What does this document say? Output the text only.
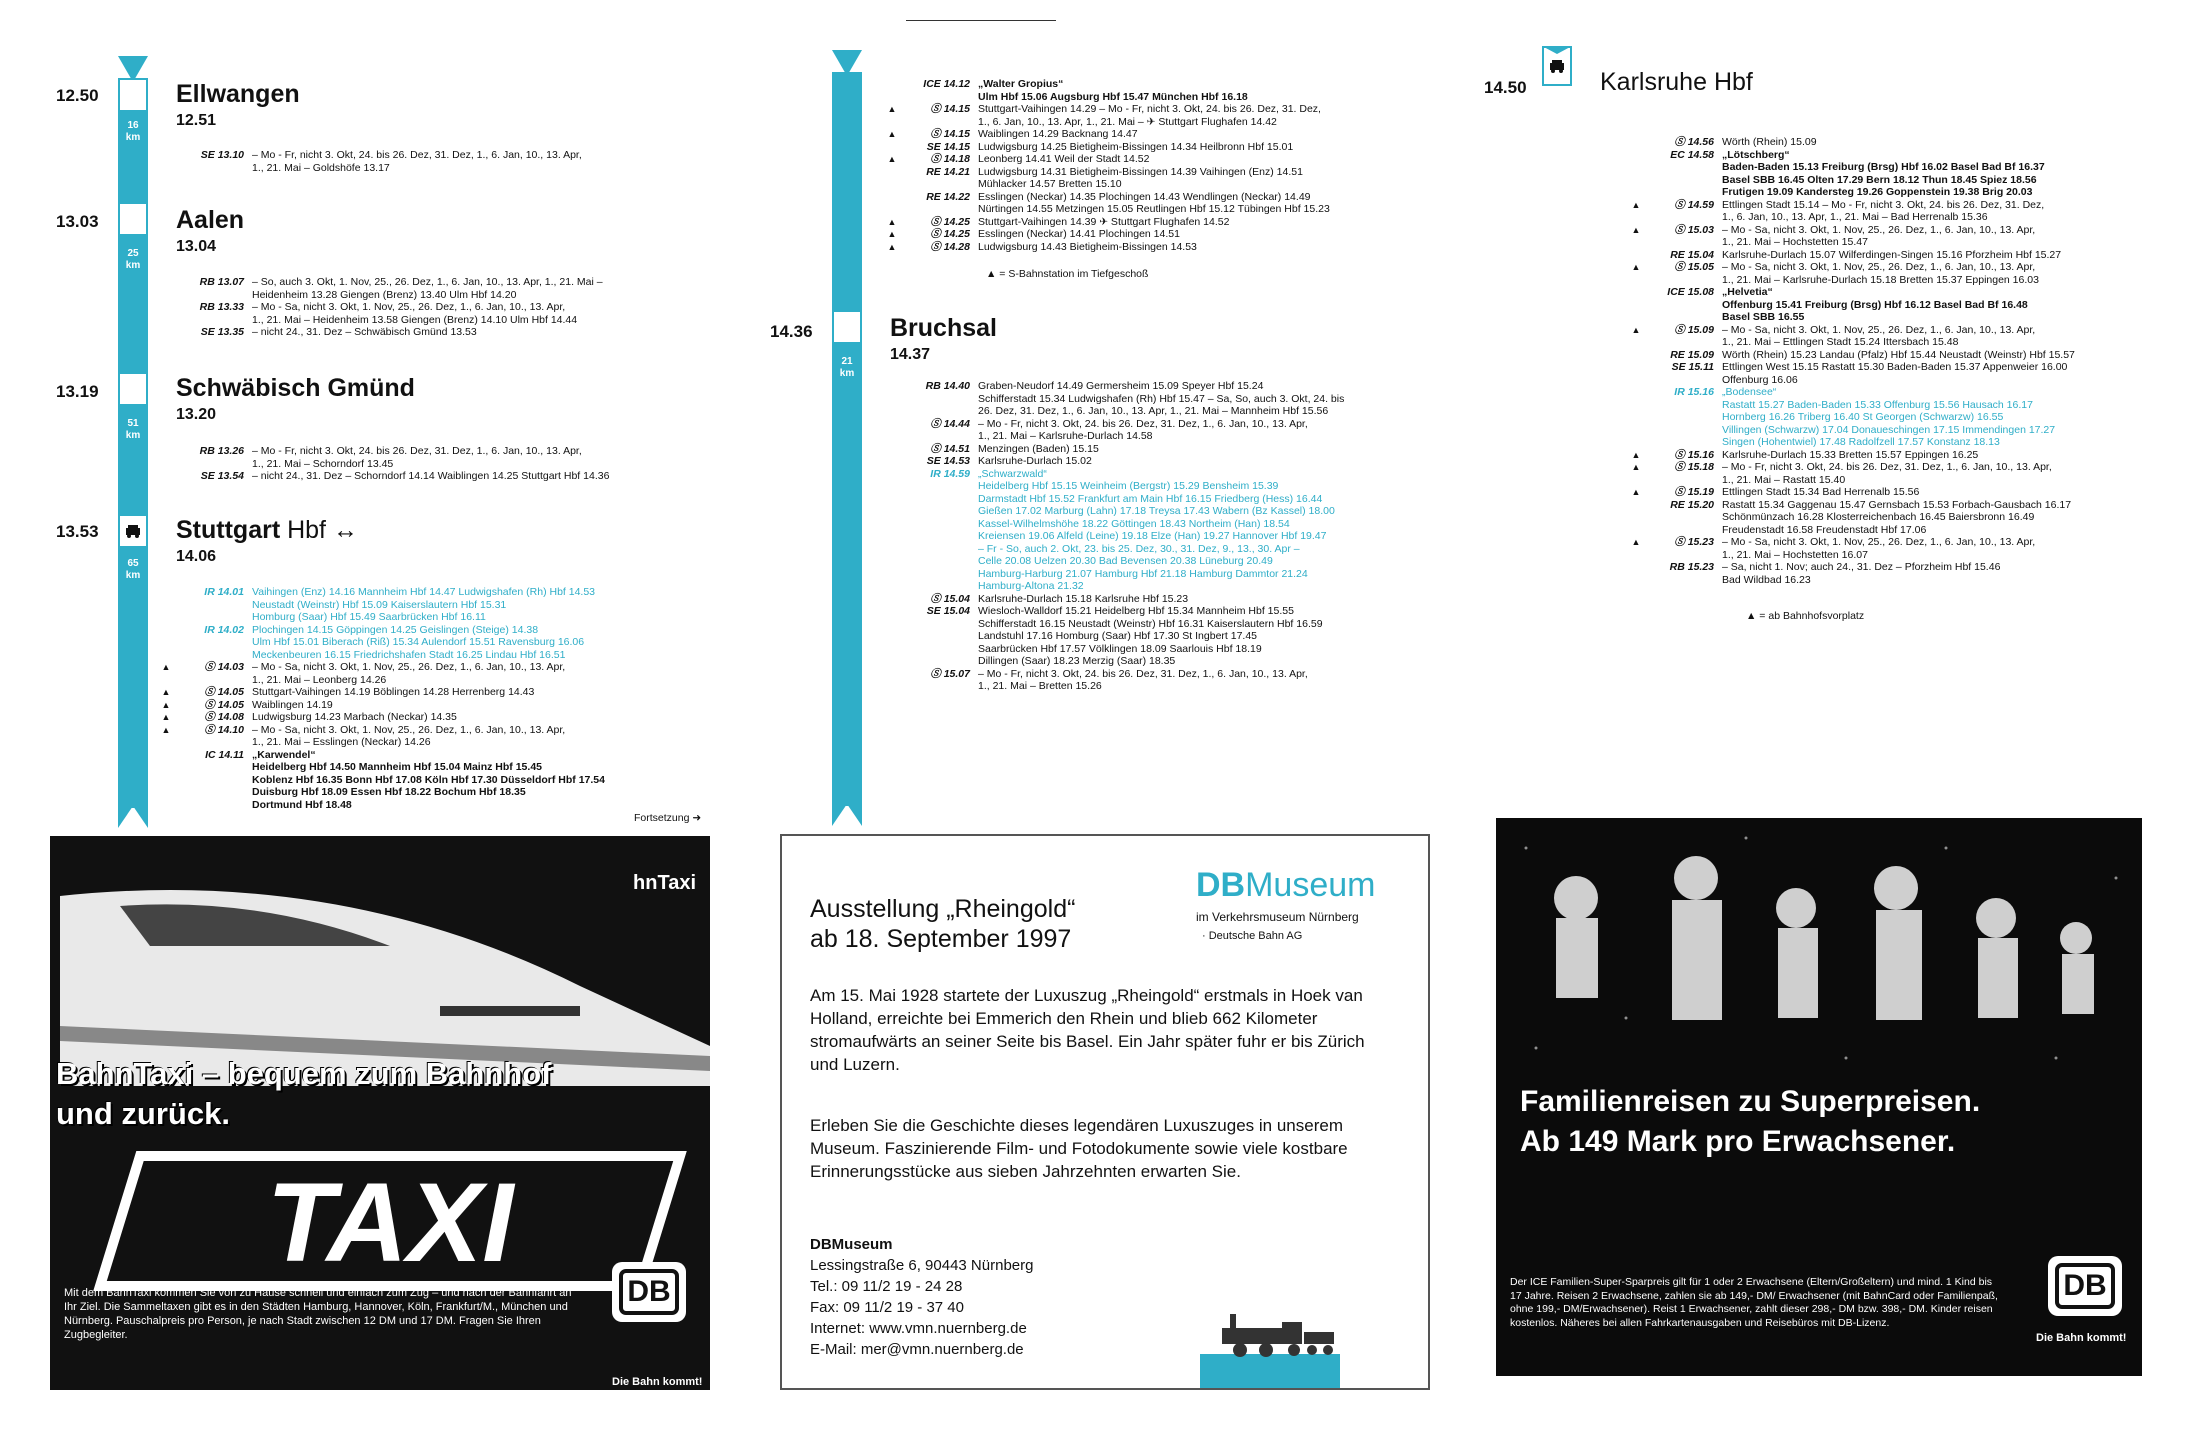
12.50	Ellwangen
12.51
16
km
SE 13.10 – Mo - Fr, nicht 3. Okt, 24. bis 26. Dez, 31. Dez, 1., 6. Jan, 10., 13. Apr,
1., 21. Mai – Goldshöfe 13.17
13.03	Aalen
13.04
25
km
RB 13.07 – So, auch 3. Okt, 1. Nov, 25., 26. Dez, 1., 6. Jan, 10., 13. Apr, 1., 21. Mai –
Heidenheim 13.28 Giengen (Brenz) 13.40 Ulm Hbf 14.20
RB 13.33 – Mo - Sa, nicht 3. Okt, 1. Nov, 25., 26. Dez, 1., 6. Jan, 10., 13. Apr,
1., 21. Mai – Heidenheim 13.58 Giengen (Brenz) 14.10 Ulm Hbf 14.44
SE 13.35 – nicht 24., 31. Dez – Schwäbisch Gmünd 13.53
13.19	Schwäbisch Gmünd
13.20
51
km
RB 13.26 – Mo - Fr, nicht 3. Okt, 24. bis 26. Dez, 31. Dez, 1., 6. Jan, 10., 13. Apr,
1., 21. Mai – Schorndorf 13.45
SE 13.54 – nicht 24., 31. Dez – Schorndorf 14.14 Waiblingen 14.25 Stuttgart Hbf 14.36
13.53	Stuttgart Hbf ↔
14.06
65
km
IR 14.01 Vaihingen (Enz) 14.16 Mannheim Hbf 14.47 Ludwigshafen (Rh) Hbf 14.53
Neustadt (Weinstr) Hbf 15.09 Kaiserslautern Hbf 15.31
Homburg (Saar) Hbf 15.49 Saarbrücken Hbf 16.11
IR 14.02 Plochingen 14.15 Göppingen 14.25 Geislingen (Steige) 14.38
Ulm Hbf 15.01 Biberach (Riß) 15.34 Aulendorf 15.51 Ravensburg 16.06
Meckenbeuren 16.15 Friedrichshafen Stadt 16.25 Lindau Hbf 16.51
▲	Ⓢ 14.03 – Mo - Sa, nicht 3. Okt, 1. Nov, 25., 26. Dez, 1., 6. Jan, 10., 13. Apr,
1., 21. Mai – Leonberg 14.26
▲	Ⓢ 14.05 Stuttgart-Vaihingen 14.19 Böblingen 14.28 Herrenberg 14.43
▲	Ⓢ 14.05 Waiblingen 14.19
▲	Ⓢ 14.08 Ludwigsburg 14.23 Marbach (Neckar) 14.35
▲	Ⓢ 14.10 – Mo - Sa, nicht 3. Okt, 1. Nov, 25., 26. Dez, 1., 6. Jan, 10., 13. Apr,
1., 21. Mai – Esslingen (Neckar) 14.26
IC 14.11 „Karwendel“
Heidelberg Hbf 14.50 Mannheim Hbf 15.04 Mainz Hbf 15.45
Koblenz Hbf 16.35 Bonn Hbf 17.08 Köln Hbf 17.30 Düsseldorf Hbf 17.54
Duisburg Hbf 18.09 Essen Hbf 18.22 Bochum Hbf 18.35
Dortmund Hbf 18.48
Fortsetzung ➜
ICE 14.12 „Walter Gropius“
Ulm Hbf 15.06 Augsburg Hbf 15.47 München Hbf 16.18
▲	Ⓢ 14.15 Stuttgart-Vaihingen 14.29 – Mo - Fr, nicht 3. Okt, 24. bis 26. Dez, 31. Dez,
1., 6. Jan, 10., 13. Apr, 1., 21. Mai – ✈ Stuttgart Flughafen 14.42
▲	Ⓢ 14.15 Waiblingen 14.29 Backnang 14.47
SE 14.15 Ludwigsburg 14.25 Bietigheim-Bissingen 14.34 Heilbronn Hbf 15.01
▲	Ⓢ 14.18 Leonberg 14.41 Weil der Stadt 14.52
RE 14.21 Ludwigsburg 14.31 Bietigheim-Bissingen 14.39 Vaihingen (Enz) 14.51
Mühlacker 14.57 Bretten 15.10
RE 14.22 Esslingen (Neckar) 14.35 Plochingen 14.43 Wendlingen (Neckar) 14.49
Nürtingen 14.55 Metzingen 15.05 Reutlingen Hbf 15.12 Tübingen Hbf 15.23
▲	Ⓢ 14.25 Stuttgart-Vaihingen 14.39 ✈ Stuttgart Flughafen 14.52
▲	Ⓢ 14.25 Esslingen (Neckar) 14.41 Plochingen 14.51
▲	Ⓢ 14.28 Ludwigsburg 14.43 Bietigheim-Bissingen 14.53
▲ = S-Bahnstation im Tiefgeschoß
14.36	Bruchsal
14.37
21
km
RB 14.40 Graben-Neudorf 14.49 Germersheim 15.09 Speyer Hbf 15.24
Schifferstadt 15.34 Ludwigshafen (Rh) Hbf 15.47 – Sa, So, auch 3. Okt, 24. bis
26. Dez, 31. Dez, 1., 6. Jan, 10., 13. Apr, 1., 21. Mai – Mannheim Hbf 15.56
Ⓢ 14.44 – Mo - Fr, nicht 3. Okt, 24. bis 26. Dez, 31. Dez, 1., 6. Jan, 10., 13. Apr,
1., 21. Mai – Karlsruhe-Durlach 14.58
Ⓢ 14.51 Menzingen (Baden) 15.15
SE 14.53 Karlsruhe-Durlach 15.02
IR 14.59 „Schwarzwald“
Heidelberg Hbf 15.15 Weinheim (Bergstr) 15.29 Bensheim 15.39
Darmstadt Hbf 15.52 Frankfurt am Main Hbf 16.15 Friedberg (Hess) 16.44
Gießen 17.02 Marburg (Lahn) 17.18 Treysa 17.43 Wabern (Bz Kassel) 18.00
Kassel-Wilhelmshöhe 18.22 Göttingen 18.43 Northeim (Han) 18.54
Kreiensen 19.06 Alfeld (Leine) 19.18 Elze (Han) 19.27 Hannover Hbf 19.47
– Fr - So, auch 2. Okt, 23. bis 25. Dez, 30., 31. Dez, 9., 13., 30. Apr –
Celle 20.08 Uelzen 20.30 Bad Bevensen 20.38 Lüneburg 20.49
Hamburg-Harburg 21.07 Hamburg Hbf 21.18 Hamburg Dammtor 21.24
Hamburg-Altona 21.32
Ⓢ 15.04 Karlsruhe-Durlach 15.18 Karlsruhe Hbf 15.23
SE 15.04 Wiesloch-Walldorf 15.21 Heidelberg Hbf 15.34 Mannheim Hbf 15.55
Schifferstadt 16.15 Neustadt (Weinstr) Hbf 16.31 Kaiserslautern Hbf 16.59
Landstuhl 17.16 Homburg (Saar) Hbf 17.30 St Ingbert 17.45
Saarbrücken Hbf 17.57 Völklingen 18.09 Saarlouis Hbf 18.19
Dillingen (Saar) 18.23 Merzig (Saar) 18.35
Ⓢ 15.07 – Mo - Fr, nicht 3. Okt, 24. bis 26. Dez, 31. Dez, 1., 6. Jan, 10., 13. Apr,
1., 21. Mai – Bretten 15.26
14.50	Karlsruhe Hbf
Ⓢ 14.56 Wörth (Rhein) 15.09
EC 14.58 „Lötschberg“
Baden-Baden 15.13 Freiburg (Brsg) Hbf 16.02 Basel Bad Bf 16.37
Basel SBB 16.45 Olten 17.29 Bern 18.12 Thun 18.45 Spiez 18.56
Frutigen 19.09 Kandersteg 19.26 Goppenstein 19.38 Brig 20.03
▲	Ⓢ 14.59 Ettlingen Stadt 15.14 – Mo - Fr, nicht 3. Okt, 24. bis 26. Dez, 31. Dez,
1., 6. Jan, 10., 13. Apr, 1., 21. Mai – Bad Herrenalb 15.36
▲	Ⓢ 15.03 – Mo - Sa, nicht 3. Okt, 1. Nov, 25., 26. Dez, 1., 6. Jan, 10., 13. Apr,
1., 21. Mai – Hochstetten 15.47
RE 15.04 Karlsruhe-Durlach 15.07 Wilferdingen-Singen 15.16 Pforzheim Hbf 15.27
▲	Ⓢ 15.05 – Mo - Sa, nicht 3. Okt, 1. Nov, 25., 26. Dez, 1., 6. Jan, 10., 13. Apr,
1., 21. Mai – Karlsruhe-Durlach 15.18 Bretten 15.37 Eppingen 16.03
ICE 15.08 „Helvetia“
Offenburg 15.41 Freiburg (Brsg) Hbf 16.12 Basel Bad Bf 16.48
Basel SBB 16.55
▲	Ⓢ 15.09 – Mo - Sa, nicht 3. Okt, 1. Nov, 25., 26. Dez, 1., 6. Jan, 10., 13. Apr,
1., 21. Mai – Ettlingen Stadt 15.24 Ittersbach 15.48
RE 15.09 Wörth (Rhein) 15.23 Landau (Pfalz) Hbf 15.44 Neustadt (Weinstr) Hbf 15.57
SE 15.11 Ettlingen West 15.15 Rastatt 15.30 Baden-Baden 15.37 Appenweier 16.00
Offenburg 16.06
IR 15.16 „Bodensee“
Rastatt 15.27 Baden-Baden 15.33 Offenburg 15.56 Hausach 16.17
Hornberg 16.26 Triberg 16.40 St Georgen (Schwarzw) 16.55
Villingen (Schwarzw) 17.04 Donaueschingen 17.15 Immendingen 17.27
Singen (Hohentwiel) 17.48 Radolfzell 17.57 Konstanz 18.13
▲	Ⓢ 15.16 Karlsruhe-Durlach 15.33 Bretten 15.57 Eppingen 16.25
▲	Ⓢ 15.18 – Mo - Fr, nicht 3. Okt, 24. bis 26. Dez, 31. Dez, 1., 6. Jan, 10., 13. Apr,
1., 21. Mai – Rastatt 15.40
▲	Ⓢ 15.19 Ettlingen Stadt 15.34 Bad Herrenalb 15.56
RE 15.20 Rastatt 15.34 Gaggenau 15.47 Gernsbach 15.53 Forbach-Gausbach 16.17
Schönmünzach 16.28 Klosterreichenbach 16.45 Baiersbronn 16.49
Freudenstadt 16.58 Freudenstadt Hbf 17.06
▲	Ⓢ 15.23 – Mo - Sa, nicht 3. Okt, 1. Nov, 25., 26. Dez, 1., 6. Jan, 10., 13. Apr,
1., 21. Mai – Hochstetten 16.07
RB 15.23 – Sa, nicht 1. Nov; auch 24., 31. Dez – Pforzheim Hbf 15.46
Bad Wildbad 16.23
▲ = ab Bahnhofsvorplatz
hnTaxi
BahnTaxi – bequem zum Bahnhof
und zurück.
TAXI
Mit dem BahnTaxi kommen Sie von zu Hause schnell und einfach zum Zug – und nach der Bahnfahrt an Ihr Ziel. Die Sammeltaxen gibt es in den Städten Hamburg, Hannover, Köln, Frankfurt/M., München und Nürnberg. Pauschalpreis pro Person, je nach Stadt zwischen 12 DM und 17 DM. Fragen Sie Ihren Zugbegleiter.
DB
Die Bahn kommt!
Ausstellung „Rheingold“
ab 18. September 1997
DBMuseum
im Verkehrsmuseum Nürnberg
· Deutsche Bahn AG
Am 15. Mai 1928 startete der Luxuszug „Rheingold“ erstmals in Hoek van Holland, erreichte bei Emmerich den Rhein und blieb 662 Kilometer stromaufwärts an seiner Seite bis Basel. Ein Jahr später fuhr er bis Zürich und Luzern.
Erleben Sie die Geschichte dieses legendären Luxuszuges in unserem Museum. Faszinierende Film- und Fotodokumente sowie viele kostbare Erinnerungsstücke aus sieben Jahrzehnten erwarten Sie.
DBMuseum
Lessingstraße 6, 90443 Nürnberg
Tel.: 09 11/2 19 - 24 28
Fax: 09 11/2 19 - 37 40
Internet: www.vmn.nuernberg.de
E-Mail: mer@vmn.nuernberg.de
Familienreisen zu Superpreisen.
Ab 149 Mark pro Erwachsener.
Der ICE Familien-Super-Sparpreis gilt für 1 oder 2 Erwachsene (Eltern/Großeltern) und mind. 1 Kind bis 17 Jahre. Reisen 2 Erwachsene, zahlen sie ab 149,- DM/ Erwachsener (mit BahnCard oder Familienpaß, ohne 199,- DM/Erwachsener). Reist 1 Erwachsener, zahlt dieser 298,- DM bzw. 398,- DM. Kinder reisen kostenlos. Näheres bei allen Fahrkartenausgaben und Reisebüros mit DB-Lizenz.
DB
Die Bahn kommt!
